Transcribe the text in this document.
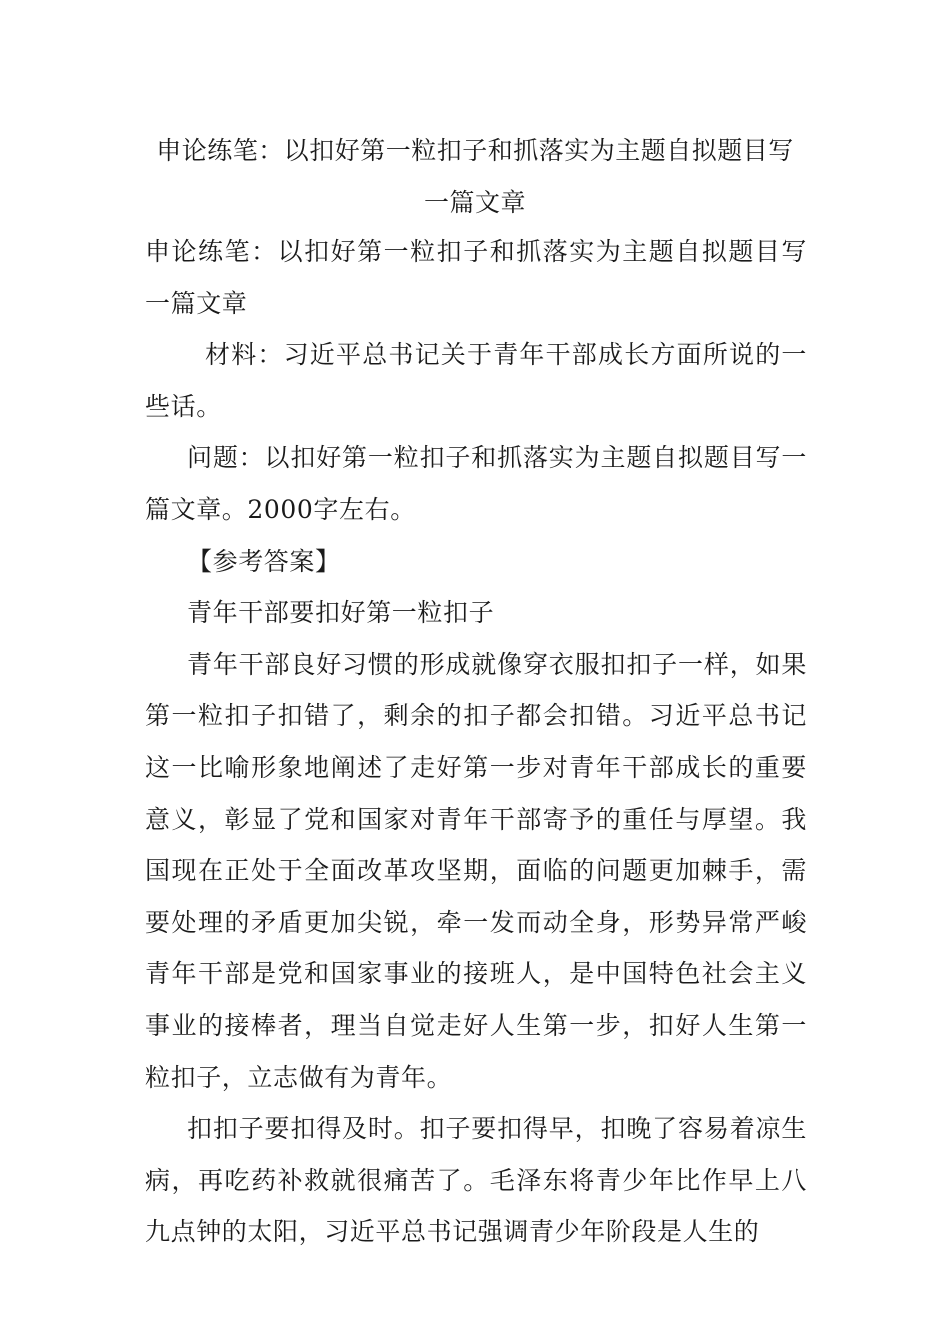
申论练笔：以扣好第一粒扣子和抓落实为主题自拟题目写
一篇文章

申论练笔：以扣好第一粒扣子和抓落实为主题自拟题目写一篇文章

材料：习近平总书记关于青年干部成长方面所说的一些话。

问题：以扣好第一粒扣子和抓落实为主题自拟题目写一篇文章。2000字左右。

【参考答案】

青年干部要扣好第一粒扣子

青年干部良好习惯的形成就像穿衣服扣扣子一样，如果第一粒扣子扣错了，剩余的扣子都会扣错。习近平总书记这一比喻形象地阐述了走好第一步对青年干部成长的重要意义，彰显了党和国家对青年干部寄予的重任与厚望。我国现在正处于全面改革攻坚期，面临的问题更加棘手，需要处理的矛盾更加尖锐，牵一发而动全身，形势异常严峻青年干部是党和国家事业的接班人，是中国特色社会主义事业的接棒者，理当自觉走好人生第一步，扣好人生第一粒扣子，立志做有为青年。

扣扣子要扣得及时。扣子要扣得早，扣晚了容易着凉生病，再吃药补救就很痛苦了。毛泽东将青少年比作早上八九点钟的太阳，习近平总书记强调青少年阶段是人生的
